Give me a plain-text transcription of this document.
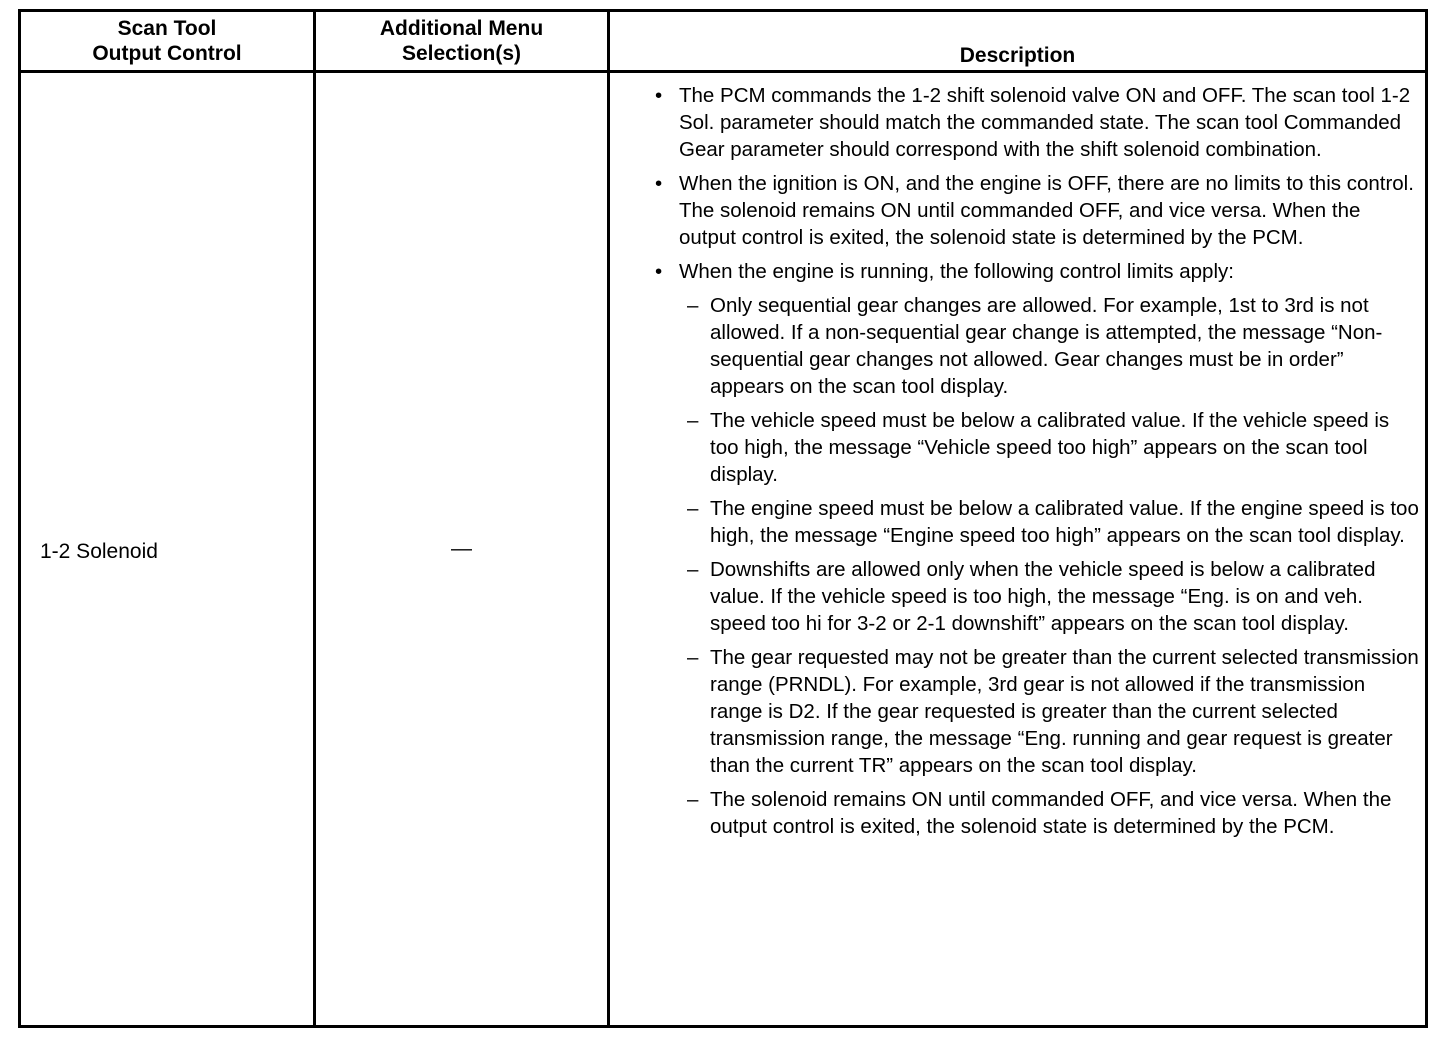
Scan Tool
Output Control
Additional Menu
Selection(s)	Description
1-2 Solenoid	—
• The PCM commands the 1-2 shift solenoid valve ON and OFF. The scan tool 1-2 Sol. parameter should match the commanded state. The scan tool Commanded Gear parameter should correspond with the shift solenoid combination.
• When the ignition is ON, and the engine is OFF, there are no limits to this control. The solenoid remains ON until commanded OFF, and vice versa. When the output control is exited, the solenoid state is determined by the PCM.
• When the engine is running, the following control limits apply:
– Only sequential gear changes are allowed. For example, 1st to 3rd is not allowed. If a non-sequential gear change is attempted, the message “Non-sequential gear changes not allowed. Gear changes must be in order” appears on the scan tool display.
– The vehicle speed must be below a calibrated value. If the vehicle speed is too high, the message “Vehicle speed too high” appears on the scan tool display.
– The engine speed must be below a calibrated value. If the engine speed is too high, the message “Engine speed too high” appears on the scan tool display.
– Downshifts are allowed only when the vehicle speed is below a calibrated value. If the vehicle speed is too high, the message “Eng. is on and veh. speed too hi for 3-2 or 2-1 downshift” appears on the scan tool display.
– The gear requested may not be greater than the current selected transmission range (PRNDL). For example, 3rd gear is not allowed if the transmission range is D2. If the gear requested is greater than the current selected transmission range, the message “Eng. running and gear request is greater than the current TR” appears on the scan tool display.
– The solenoid remains ON until commanded OFF, and vice versa. When the output control is exited, the solenoid state is determined by the PCM.
